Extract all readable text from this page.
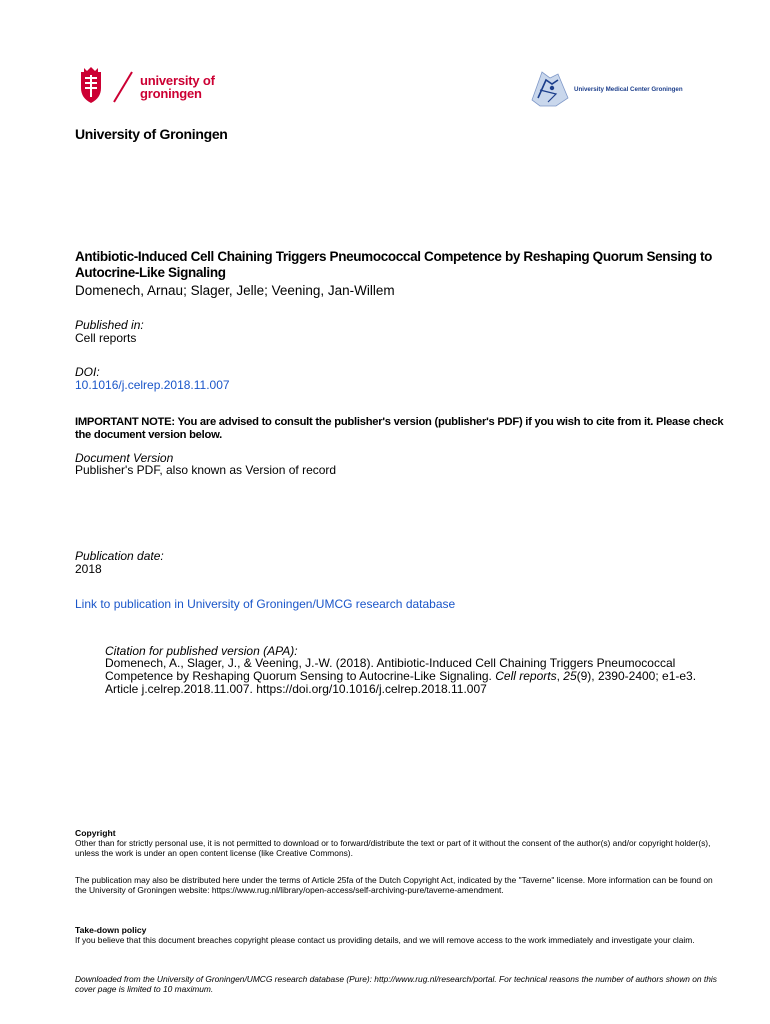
university of
groningen	University Medical Center Groningen
University of Groningen
Antibiotic-Induced Cell Chaining Triggers Pneumococcal Competence by Reshaping Quorum Sensing to Autocrine-Like Signaling
Domenech, Arnau; Slager, Jelle; Veening, Jan-Willem
Published in:
Cell reports
DOI:
10.1016/j.celrep.2018.11.007
IMPORTANT NOTE: You are advised to consult the publisher's version (publisher's PDF) if you wish to cite from it. Please check the document version below.
Document Version
Publisher's PDF, also known as Version of record
Publication date:
2018
Link to publication in University of Groningen/UMCG research database
Citation for published version (APA):
Domenech, A., Slager, J., & Veening, J.-W. (2018). Antibiotic-Induced Cell Chaining Triggers Pneumococcal Competence by Reshaping Quorum Sensing to Autocrine-Like Signaling. Cell reports, 25(9), 2390-2400; e1-e3. Article j.celrep.2018.11.007. https://doi.org/10.1016/j.celrep.2018.11.007
Copyright
Other than for strictly personal use, it is not permitted to download or to forward/distribute the text or part of it without the consent of the author(s) and/or copyright holder(s), unless the work is under an open content license (like Creative Commons).
The publication may also be distributed here under the terms of Article 25fa of the Dutch Copyright Act, indicated by the "Taverne" license. More information can be found on the University of Groningen website: https://www.rug.nl/library/open-access/self-archiving-pure/taverne-amendment.
Take-down policy
If you believe that this document breaches copyright please contact us providing details, and we will remove access to the work immediately and investigate your claim.
Downloaded from the University of Groningen/UMCG research database (Pure): http://www.rug.nl/research/portal. For technical reasons the number of authors shown on this cover page is limited to 10 maximum.
